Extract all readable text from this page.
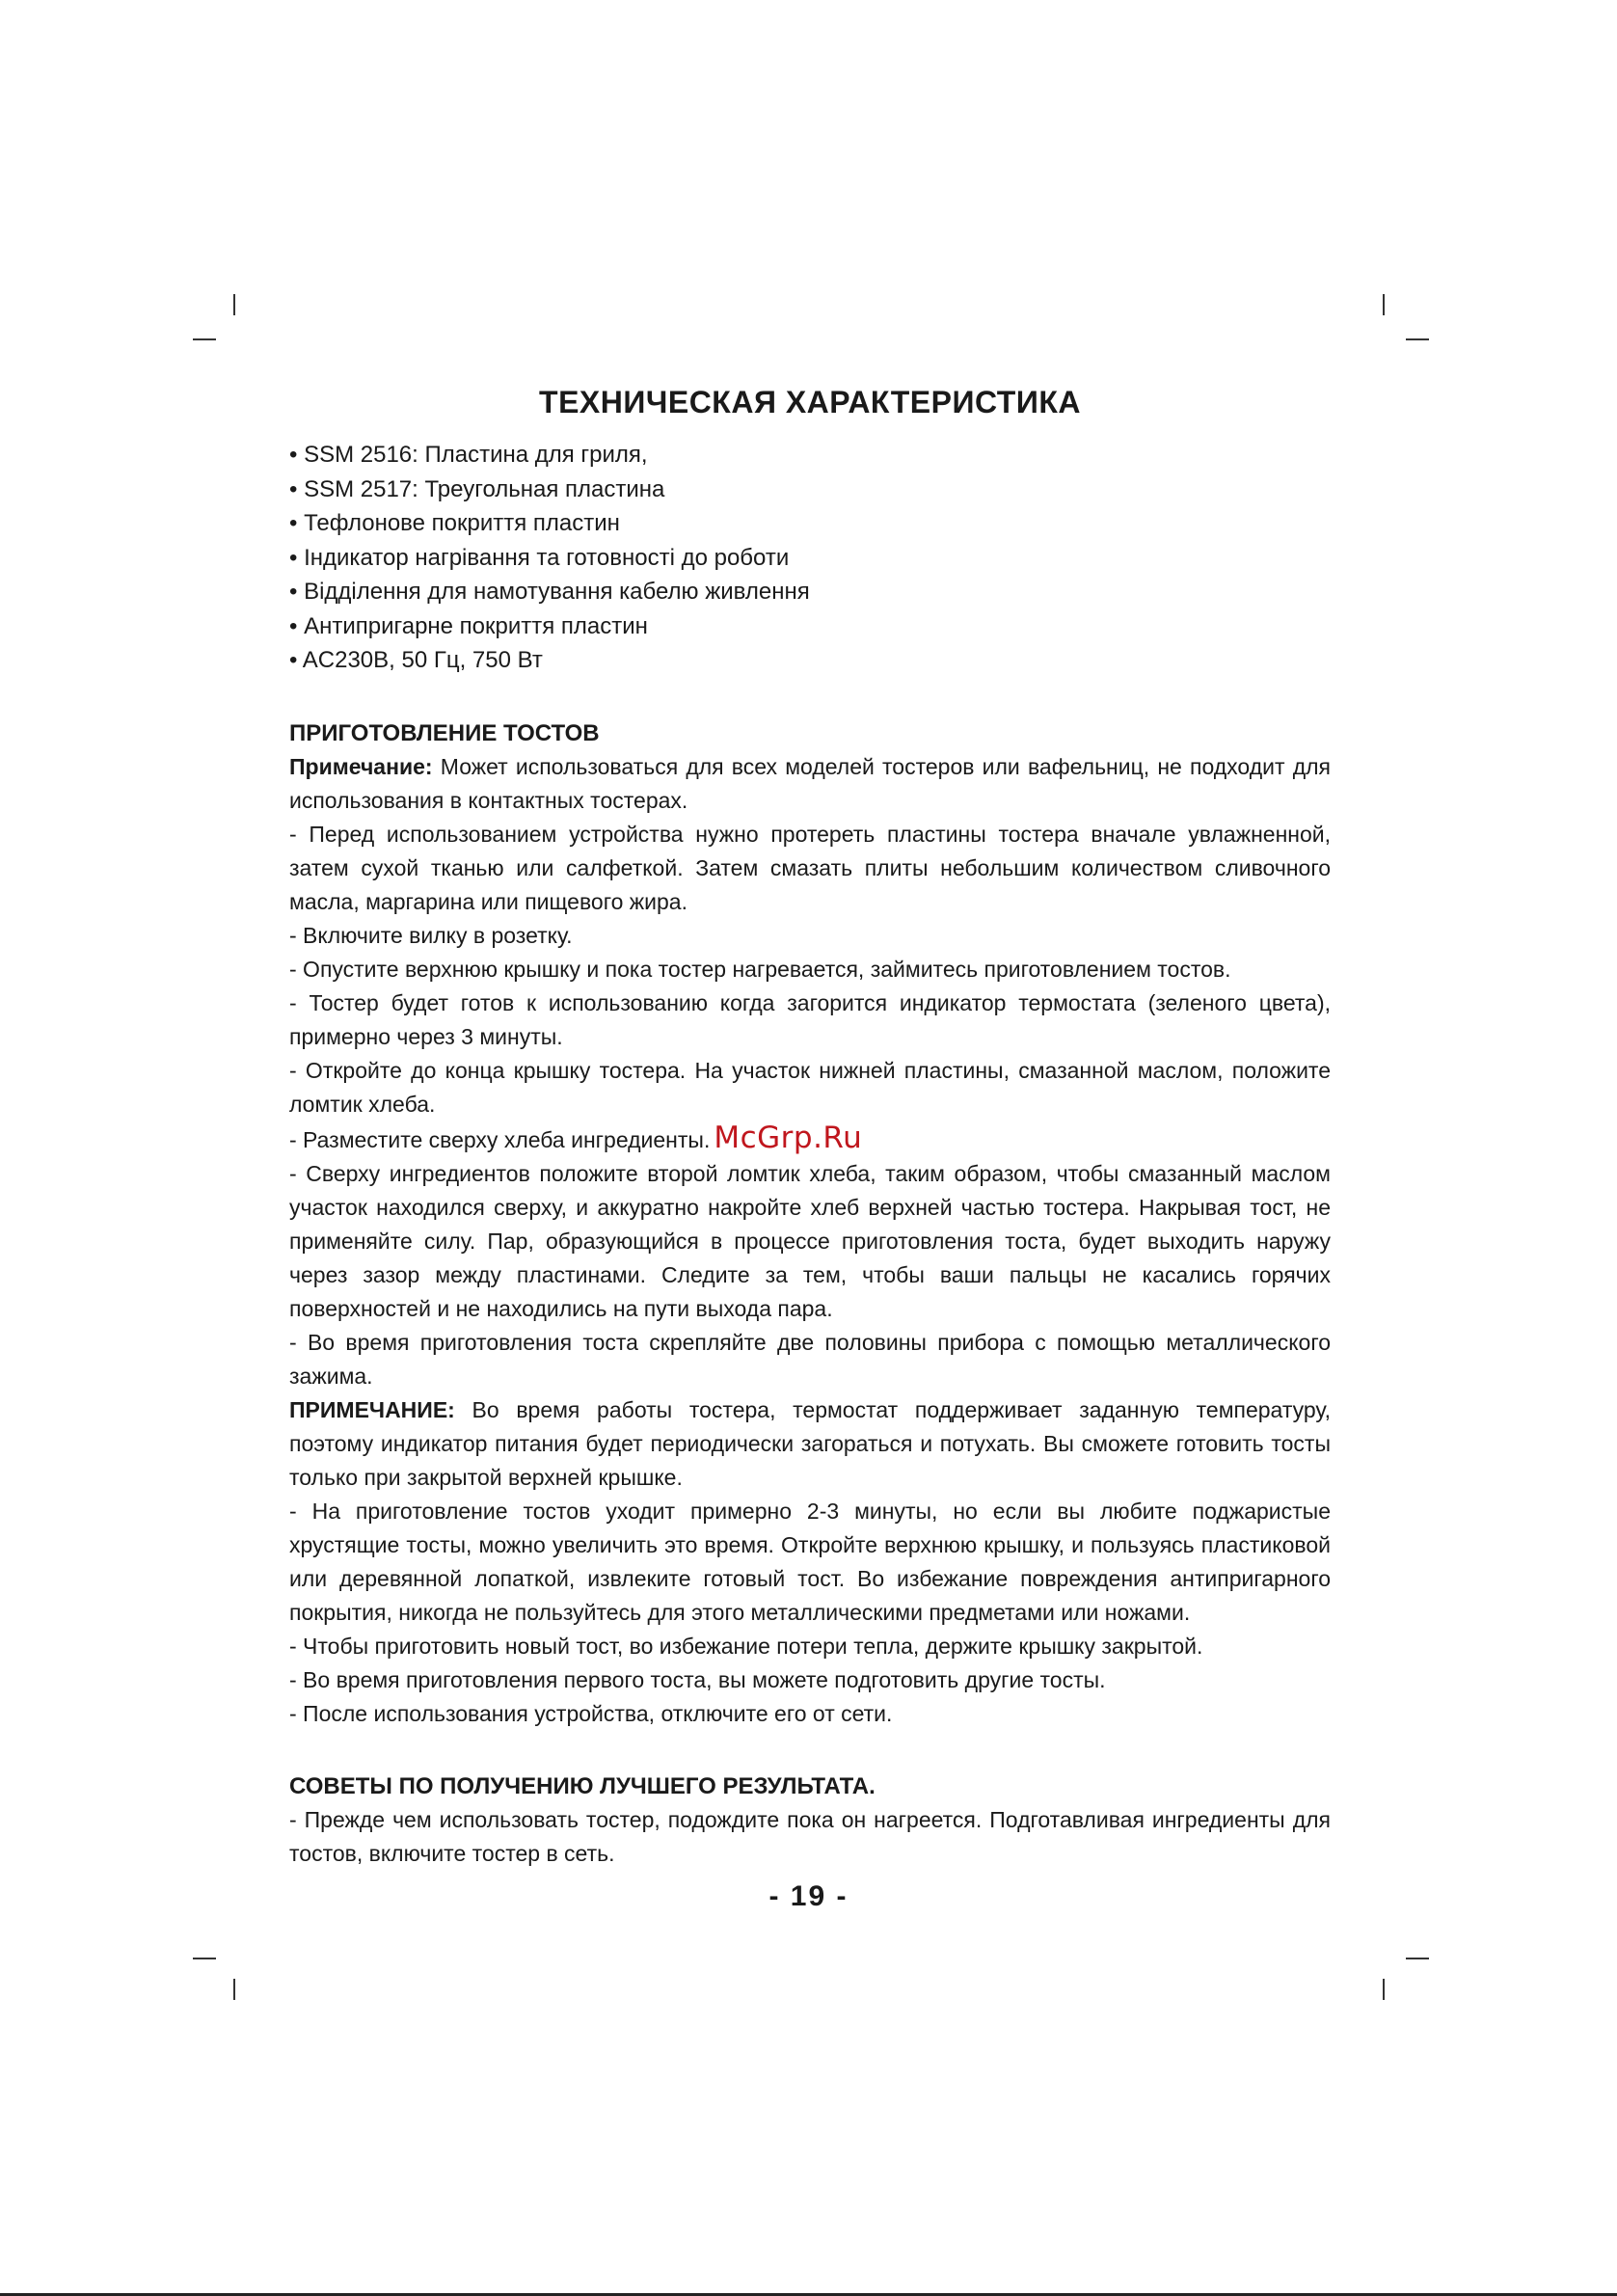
ТЕХНИЧЕСКАЯ ХАРАКТЕРИСТИКА
• SSM 2516: Пластина для гриля,
• SSM 2517: Треугольная пластина
• Тефлонове покриття пластин
• Індикатор нагрівання та готовності до роботи
• Відділення для намотування кабелю живлення
• Антипригарне покриття пластин
• AC230В, 50 Гц, 750 Вт
ПРИГОТОВЛЕНИЕ ТОСТОВ

Примечание: Может использоваться для всех моделей тостеров или вафельниц, не подходит для использования в контактных тостерах.

- Перед использованием устройства нужно протереть пластины тостера вначале увлажненной, затем сухой тканью или салфеткой. Затем смазать плиты небольшим количеством сливочного масла, маргарина или пищевого жира.

- Включите вилку в розетку.

- Опустите верхнюю крышку и пока тостер нагревается, займитесь приготовлением тостов.

- Тостер будет готов к использованию когда загорится индикатор термостата (зеленого цвета), примерно через 3 минуты.

- Откройте до конца крышку тостера. На участок нижней пластины, смазанной маслом, положите ломтик хлеба.

- Разместите сверху хлеба ингредиенты. McGrp.Ru

- Сверху ингредиентов положите второй ломтик хлеба, таким образом, чтобы смазанный маслом участок находился сверху, и аккуратно накройте хлеб верхней частью тостера. Накрывая тост, не применяйте силу. Пар, образующийся в процессе приготовления тоста, будет выходить наружу через зазор между пластинами. Следите за тем, чтобы ваши пальцы не касались горячих поверхностей и не находились на пути выхода пара.

- Во время приготовления тоста скрепляйте две половины прибора с помощью металлического зажима.

ПРИМЕЧАНИЕ: Во время работы тостера, термостат поддерживает заданную температуру, поэтому индикатор питания будет периодически загораться и потухать. Вы сможете готовить тосты только при закрытой верхней крышке.

- На приготовление тостов уходит примерно 2-3 минуты, но если вы любите поджаристые хрустящие тосты, можно увеличить это время. Откройте верхнюю крышку, и пользуясь пластиковой или деревянной лопаткой, извлеките готовый тост. Во избежание повреждения антипригарного покрытия, никогда не пользуйтесь для этого металлическими предметами или ножами.

- Чтобы приготовить новый тост, во избежание потери тепла, держите крышку закрытой.

- Во время приготовления первого тоста, вы можете подготовить другие тосты.

- После использования устройства, отключите его от сети.

СОВЕТЫ ПО ПОЛУЧЕНИЮ ЛУЧШЕГО РЕЗУЛЬТАТА.

- Прежде чем использовать тостер, подождите пока он нагреется. Подготавливая ингредиенты для тостов, включите тостер в сеть.

- 19 -
